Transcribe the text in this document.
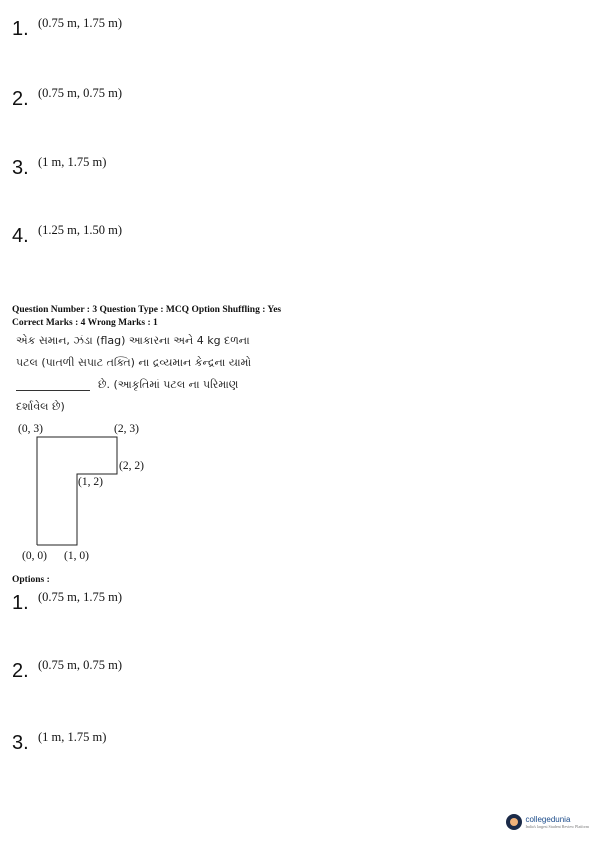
1. (0.75 m, 1.75 m)
2. (0.75 m, 0.75 m)
3. (1 m, 1.75 m)
4. (1.25 m, 1.50 m)
Question Number : 3 Question Type : MCQ Option Shuffling : Yes
Correct Marks : 4 Wrong Marks : 1
એક સમાન, ઝંડા (flag) આકારના અને 4 kg દળના
પટલ (પાતળી સપાટ તક્તિ) ના દ્રવ્યમાન કેન્દ્રના યામો
છે. (આકૃતિમાં પટલ ના પરિમાણ
દર્શાવેલ છે)
(0, 3)	(2, 3)
(2, 2)
(1, 2)
(0, 0) (1, 0)
Options :
1. (0.75 m, 1.75 m)
2. (0.75 m, 0.75 m)
3. (1 m, 1.75 m)
collegedunia
India's largest Student Review Platform
